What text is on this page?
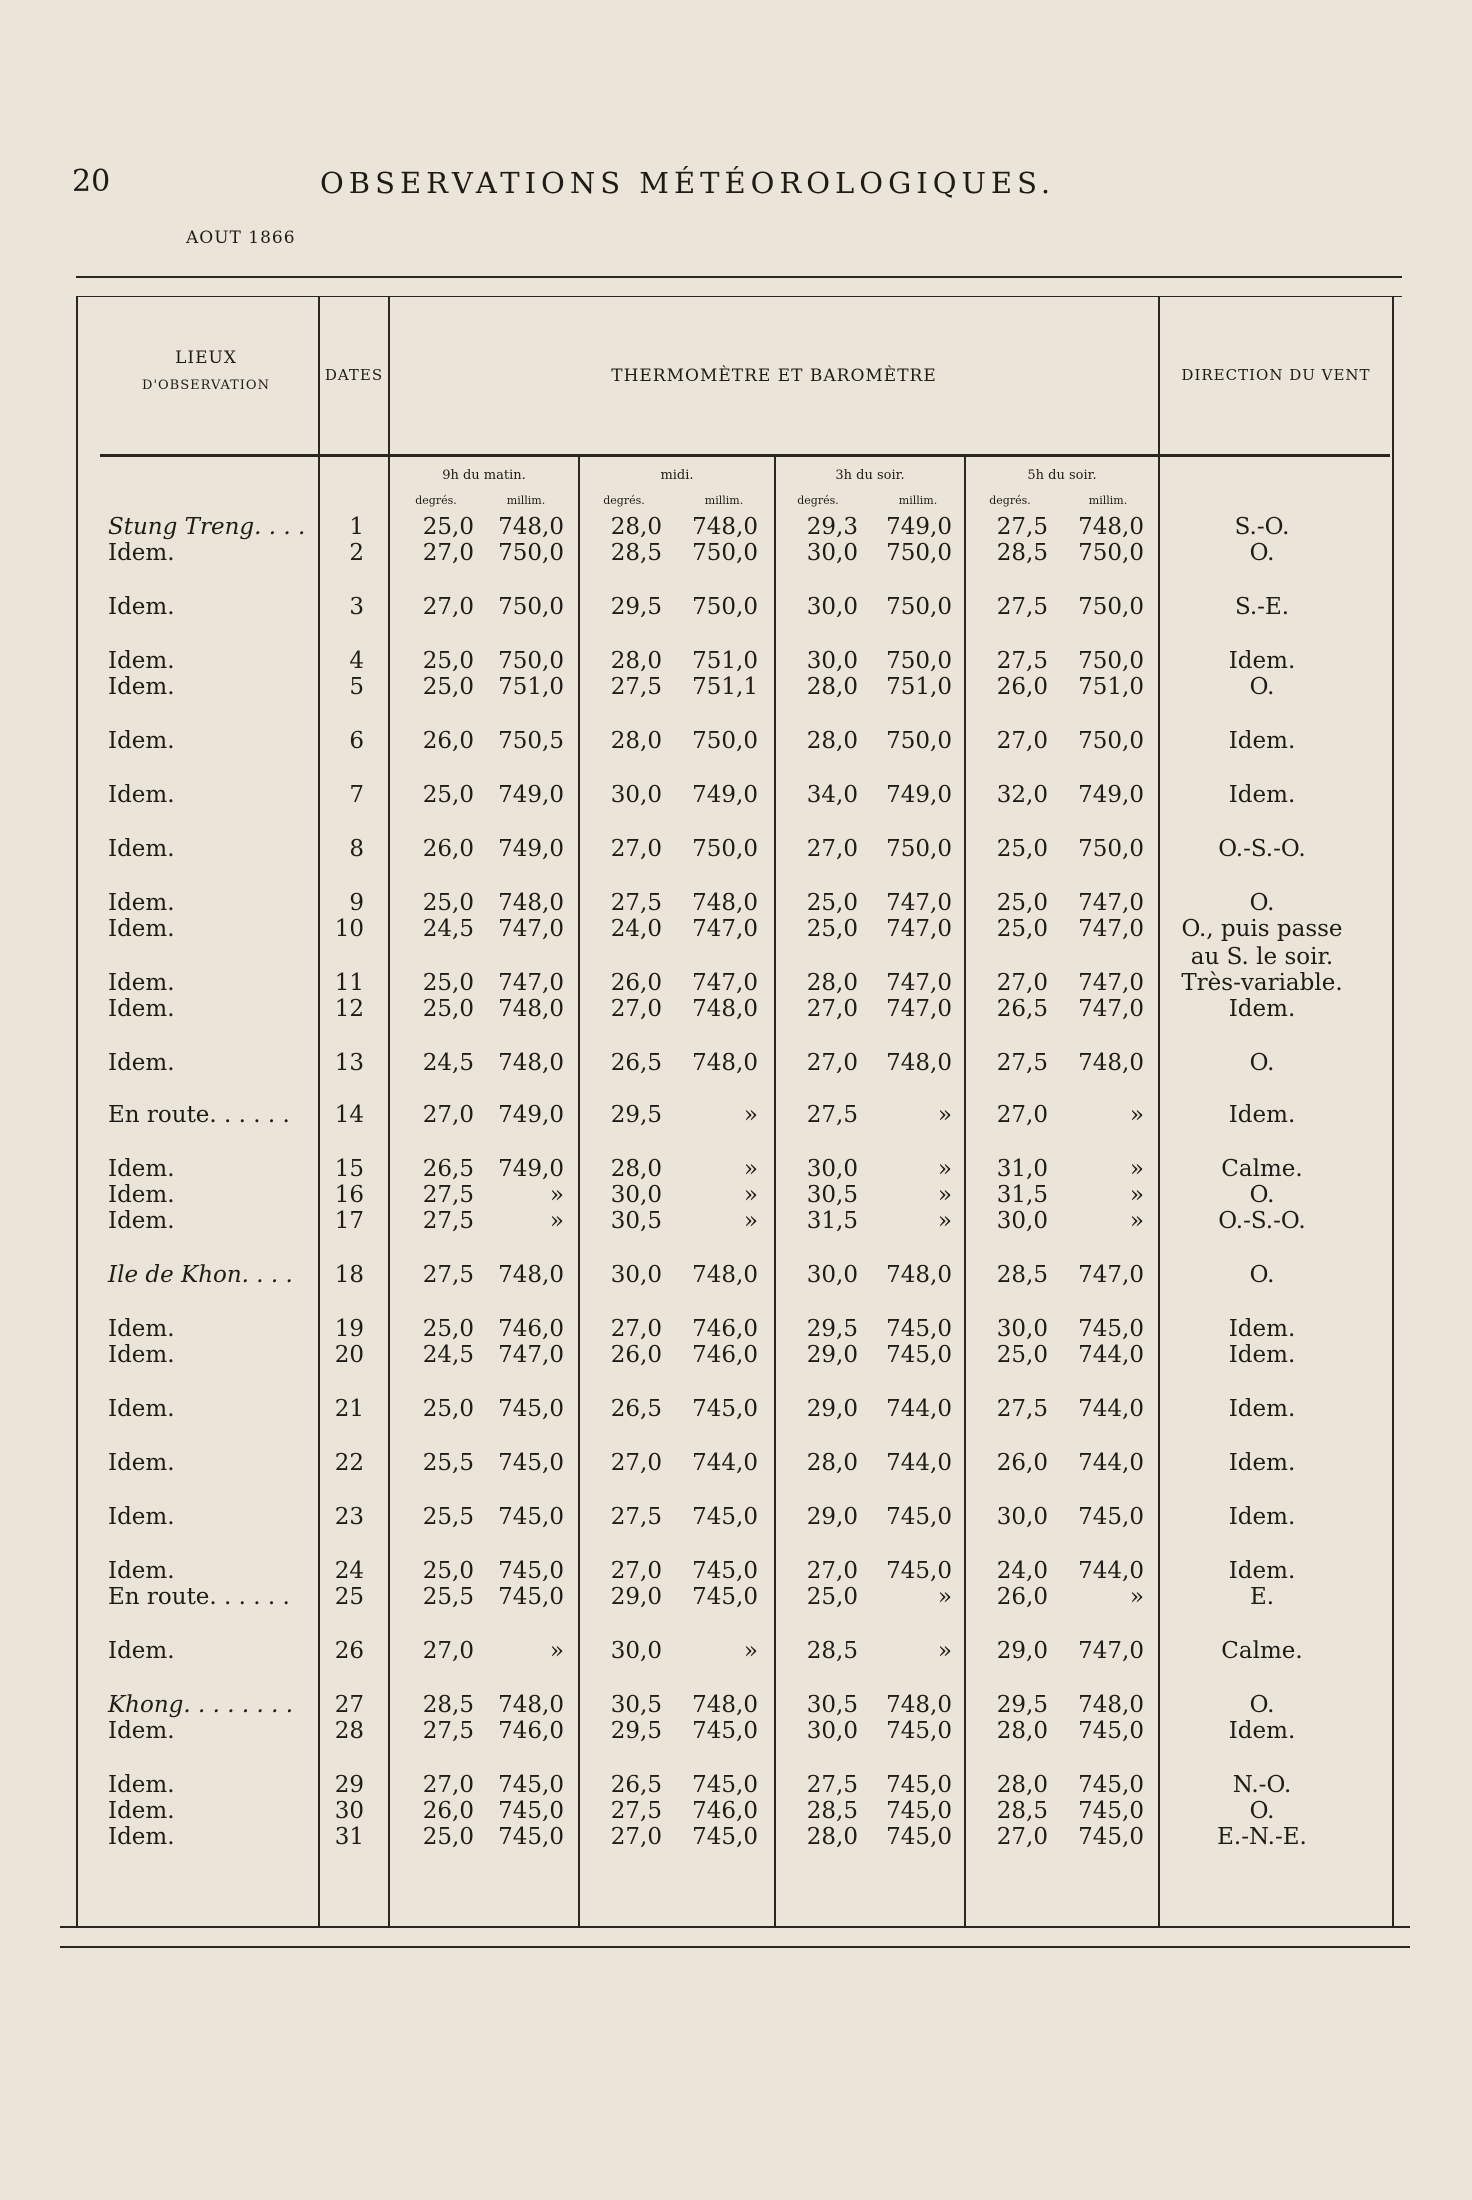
20	OBSERVATIONS MÉTÉOROLOGIQUES.
AOUT 1866
LIEUX
D'OBSERVATION
DATES	THERMOMÈTRE ET BAROMÈTRE	DIRECTION DU VENT
9h du matin.	midi.	3h du soir.	5h du soir.
degrés.	millim.	degrés.	millim.	degrés.	millim.	degrés.	millim.
Stung Treng. . . .	1	25,0	748,0	28,0	748,0	29,3	749,0	27,5	748,0	S.-O.
Idem.	2	27,0	750,0	28,5	750,0	30,0	750,0	28,5	750,0	O.
Idem.	3	27,0	750,0	29,5	750,0	30,0	750,0	27,5	750,0	S.-E.
Idem.	4	25,0	750,0	28,0	751,0	30,0	750,0	27,5	750,0	Idem.
Idem.	5	25,0	751,0	27,5	751,1	28,0	751,0	26,0	751,0	O.
Idem.	6	26,0	750,5	28,0	750,0	28,0	750,0	27,0	750,0	Idem.
Idem.	7	25,0	749,0	30,0	749,0	34,0	749,0	32,0	749,0	Idem.
Idem.	8	26,0	749,0	27,0	750,0	27,0	750,0	25,0	750,0	O.-S.-O.
Idem.	9	25,0	748,0	27,5	748,0	25,0	747,0	25,0	747,0	O.
Idem.	10	24,5	747,0	24,0	747,0	25,0	747,0	25,0	747,0	O., puis passe
au S. le soir.
Idem.	11	25,0	747,0	26,0	747,0	28,0	747,0	27,0	747,0	Très-variable.
Idem.	12	25,0	748,0	27,0	748,0	27,0	747,0	26,5	747,0	Idem.
Idem.	13	24,5	748,0	26,5	748,0	27,0	748,0	27,5	748,0	O.
En route. . . . . .	14	27,0	749,0	29,5	»	27,5	»	27,0	»	Idem.
Idem.	15	26,5	749,0	28,0	»	30,0	»	31,0	»	Calme.
Idem.	16	27,5	»	30,0	»	30,5	»	31,5	»	O.
Idem.	17	27,5	»	30,5	»	31,5	»	30,0	»	O.-S.-O.
Ile de Khon. . . .	18	27,5	748,0	30,0	748,0	30,0	748,0	28,5	747,0	O.
Idem.	19	25,0	746,0	27,0	746,0	29,5	745,0	30,0	745,0	Idem.
Idem.	20	24,5	747,0	26,0	746,0	29,0	745,0	25,0	744,0	Idem.
Idem.	21	25,0	745,0	26,5	745,0	29,0	744,0	27,5	744,0	Idem.
Idem.	22	25,5	745,0	27,0	744,0	28,0	744,0	26,0	744,0	Idem.
Idem.	23	25,5	745,0	27,5	745,0	29,0	745,0	30,0	745,0	Idem.
Idem.	24	25,0	745,0	27,0	745,0	27,0	745,0	24,0	744,0	Idem.
En route. . . . . .	25	25,5	745,0	29,0	745,0	25,0	»	26,0	»	E.
Idem.	26	27,0	»	30,0	»	28,5	»	29,0	747,0	Calme.
Khong. . . . . . . .	27	28,5	748,0	30,5	748,0	30,5	748,0	29,5	748,0	O.
Idem.	28	27,5	746,0	29,5	745,0	30,0	745,0	28,0	745,0	Idem.
Idem.	29	27,0	745,0	26,5	745,0	27,5	745,0	28,0	745,0	N.-O.
Idem.	30	26,0	745,0	27,5	746,0	28,5	745,0	28,5	745,0	O.
Idem.	31	25,0	745,0	27,0	745,0	28,0	745,0	27,0	745,0	E.-N.-E.
